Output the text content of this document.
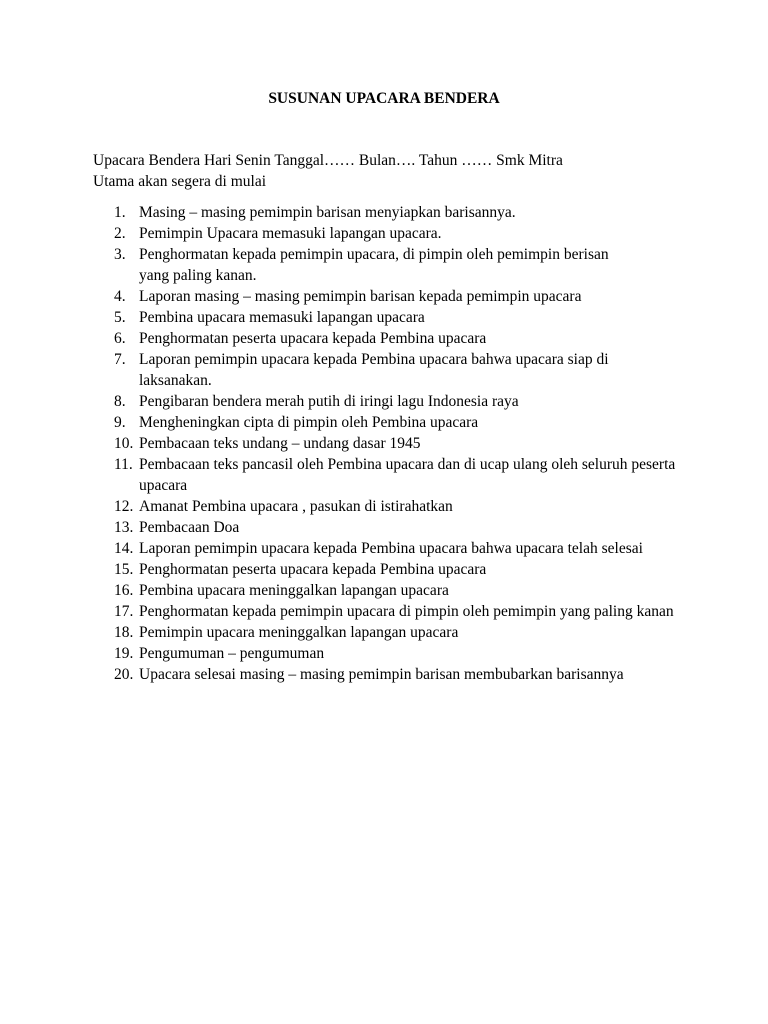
SUSUNAN UPACARA BENDERA

Upacara Bendera Hari Senin Tanggal…… Bulan…. Tahun …… Smk Mitra
Utama akan segera di mulai

1. Masing – masing pemimpin barisan menyiapkan barisannya.
2. Pemimpin Upacara memasuki lapangan upacara.
3. Penghormatan kepada pemimpin upacara, di pimpin oleh pemimpin berisan yang paling kanan.
4. Laporan masing – masing pemimpin barisan kepada pemimpin upacara
5. Pembina upacara memasuki lapangan upacara
6. Penghormatan peserta upacara kepada Pembina upacara
7. Laporan pemimpin upacara kepada Pembina upacara bahwa upacara siap di laksanakan.
8. Pengibaran bendera merah putih di iringi lagu Indonesia raya
9. Mengheningkan cipta di pimpin oleh Pembina upacara
10. Pembacaan teks undang – undang dasar 1945
11. Pembacaan teks pancasil oleh Pembina upacara dan di ucap ulang oleh seluruh peserta upacara
12. Amanat Pembina upacara , pasukan di istirahatkan
13. Pembacaan Doa
14. Laporan pemimpin upacara kepada Pembina upacara bahwa upacara telah selesai
15. Penghormatan peserta upacara kepada Pembina upacara
16. Pembina upacara meninggalkan lapangan upacara
17. Penghormatan kepada pemimpin upacara di pimpin oleh pemimpin yang paling kanan
18. Pemimpin upacara meninggalkan lapangan upacara
19. Pengumuman – pengumuman
20. Upacara selesai masing – masing pemimpin barisan membubarkan barisannya
